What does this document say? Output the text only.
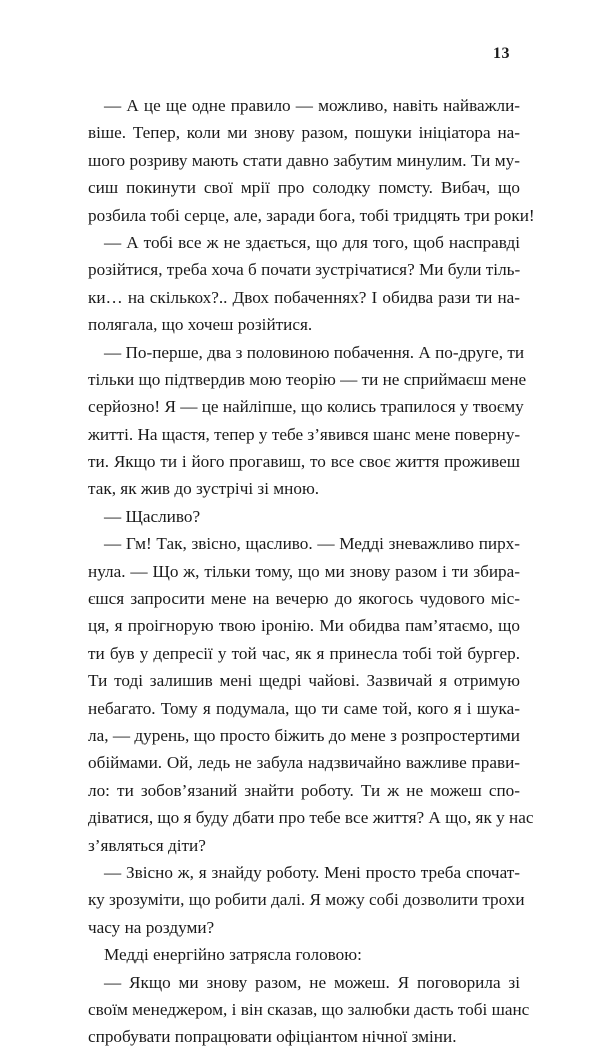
13
— А це ще одне правило — можливо, навіть найважли-
віше. Тепер, коли ми знову разом, пошуки ініціатора на-
шого розриву мають стати давно забутим минулим. Ти му-
сиш покинути свої мрії про солодку помсту. Вибач, що
розбила тобі серце, але, заради бога, тобі тридцять три роки!
— А тобі все ж не здається, що для того, щоб насправді
розійтися, треба хоча б почати зустрічатися? Ми були тіль-
ки… на скількох?.. Двох побаченнях? І обидва рази ти на-
полягала, що хочеш розійтися.
— По-перше, два з половиною побачення. А по-друге, ти
тільки що підтвердив мою теорію — ти не сприймаєш мене
серйозно! Я — це найліпше, що колись трапилося у твоєму
житті. На щастя, тепер у тебе з’явився шанс мене поверну-
ти. Якщо ти і його прогавиш, то все своє життя проживеш
так, як жив до зустрічі зі мною.
— Щасливо?
— Гм! Так, звісно, щасливо. — Медді зневажливо пирх-
нула. — Що ж, тільки тому, що ми знову разом і ти збира-
єшся запросити мене на вечерю до якогось чудового міс-
ця, я проігнорую твою іронію. Ми обидва пам’ятаємо, що
ти був у депресії у той час, як я принесла тобі той бургер.
Ти тоді залишив мені щедрі чайові. Зазвичай я отримую
небагато. Тому я подумала, що ти саме той, кого я і шука-
ла, — дурень, що просто біжить до мене з розпростертими
обіймами. Ой, ледь не забула надзвичайно важливе прави-
ло: ти зобов’язаний знайти роботу. Ти ж не можеш спо-
діватися, що я буду дбати про тебе все життя? А що, як у нас
з’являться діти?
— Звісно ж, я знайду роботу. Мені просто треба спочат-
ку зрозуміти, що робити далі. Я можу собі дозволити трохи
часу на роздуми?
Медді енергійно затрясла головою:
— Якщо ми знову разом, не можеш. Я поговорила зі
своїм менеджером, і він сказав, що залюбки дасть тобі шанс
спробувати попрацювати офіціантом нічної зміни.
